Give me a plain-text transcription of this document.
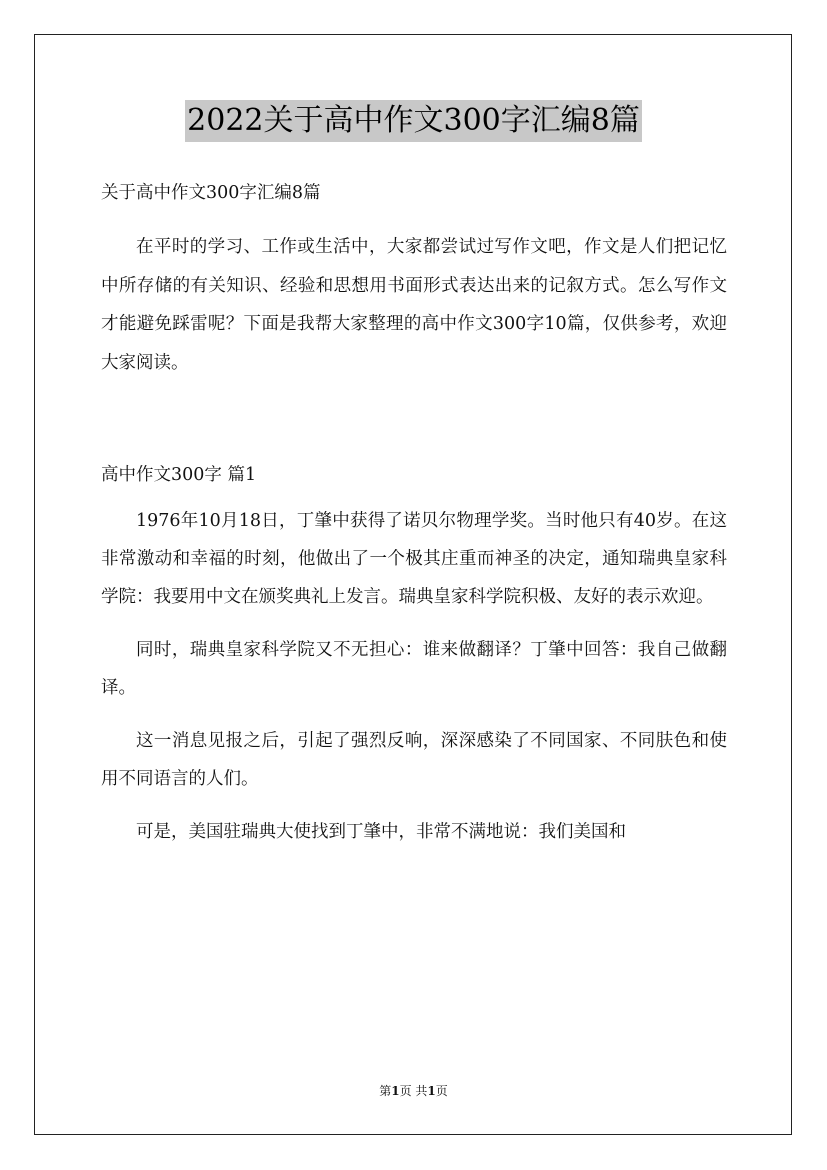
2022关于高中作文300字汇编8篇

关于高中作文300字汇编8篇

在平时的学习、工作或生活中，大家都尝试过写作文吧，作文是人们把记忆中所存储的有关知识、经验和思想用书面形式表达出来的记叙方式。怎么写作文才能避免踩雷呢？下面是我帮大家整理的高中作文300字10篇，仅供参考，欢迎大家阅读。

高中作文300字 篇1

1976年10月18日，丁肇中获得了诺贝尔物理学奖。当时他只有40岁。在这非常激动和幸福的时刻，他做出了一个极其庄重而神圣的决定，通知瑞典皇家科学院：我要用中文在颁奖典礼上发言。瑞典皇家科学院积极、友好的表示欢迎。

同时，瑞典皇家科学院又不无担心：谁来做翻译？丁肇中回答：我自己做翻译。

这一消息见报之后，引起了强烈反响，深深感染了不同国家、不同肤色和使用不同语言的人们。

可是，美国驻瑞典大使找到丁肇中，非常不满地说：我们美国和

第1页 共1页
